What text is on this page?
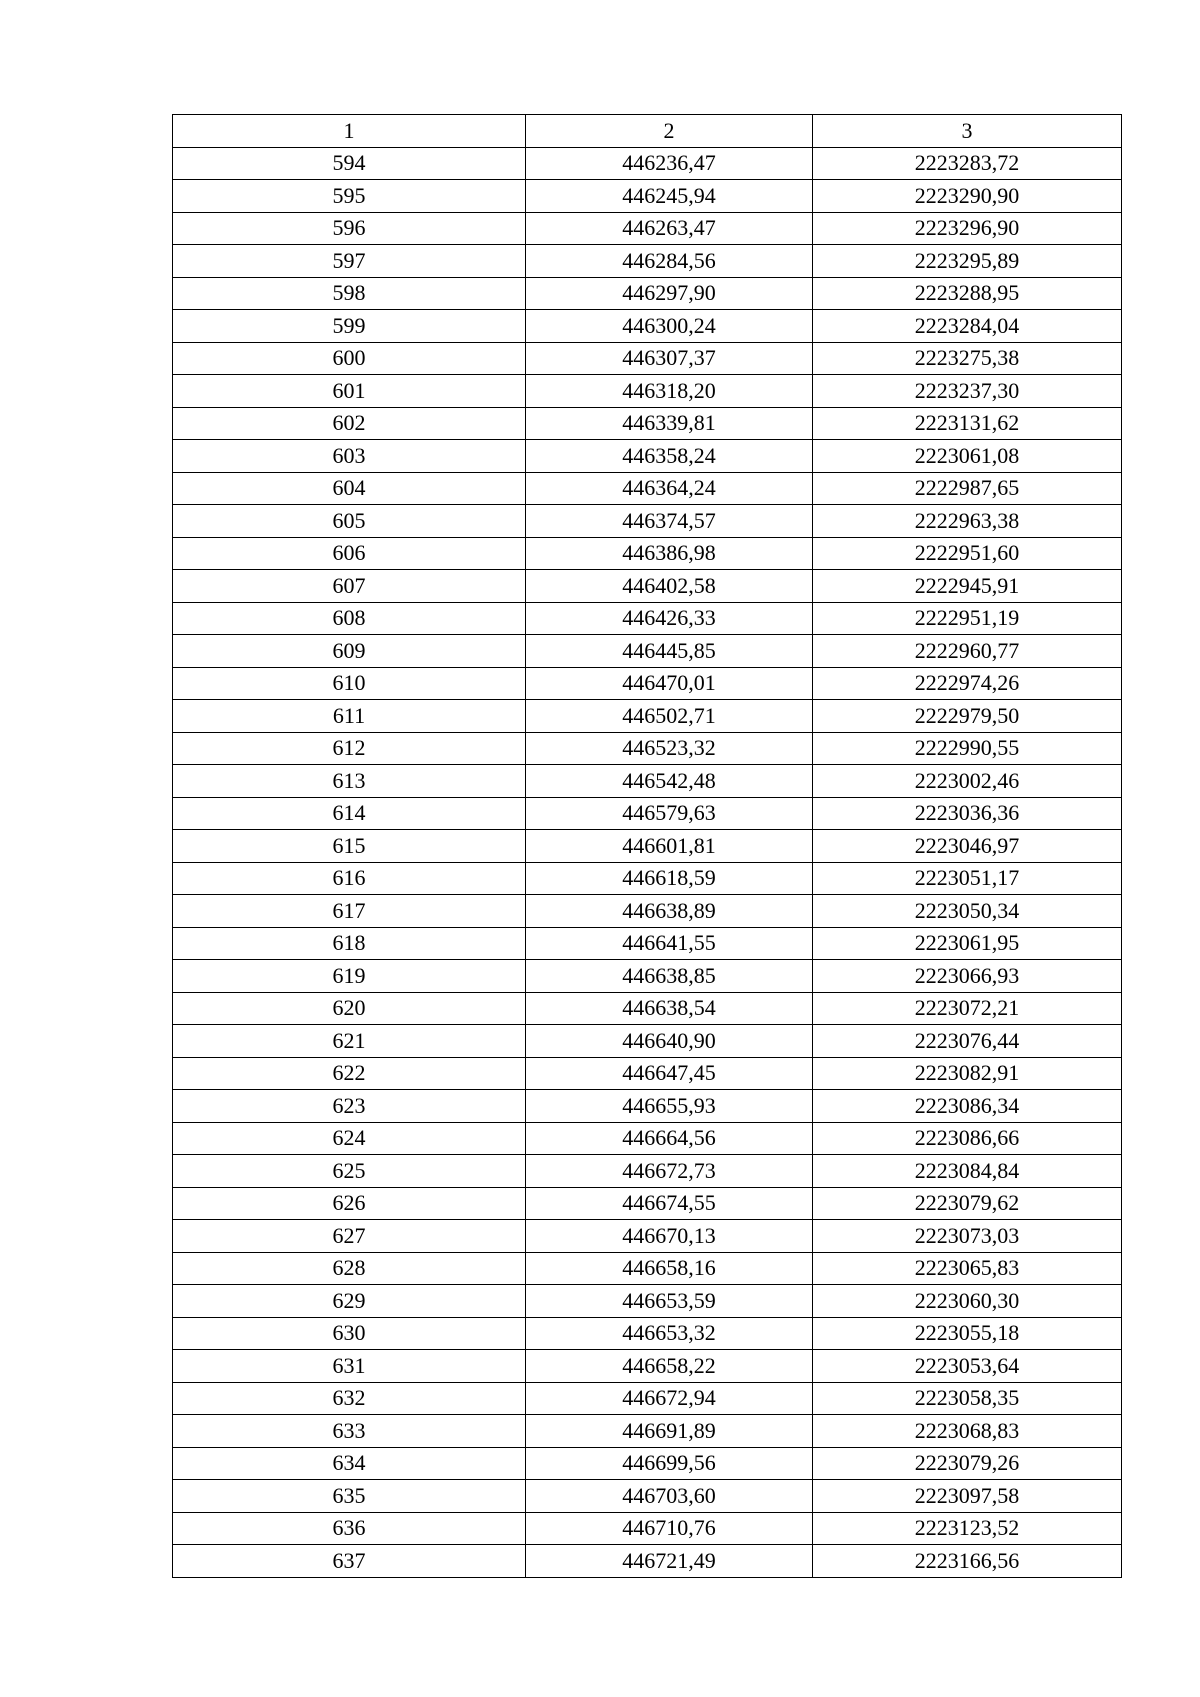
1	2	3
594	446236,47	2223283,72
595	446245,94	2223290,90
596	446263,47	2223296,90
597	446284,56	2223295,89
598	446297,90	2223288,95
599	446300,24	2223284,04
600	446307,37	2223275,38
601	446318,20	2223237,30
602	446339,81	2223131,62
603	446358,24	2223061,08
604	446364,24	2222987,65
605	446374,57	2222963,38
606	446386,98	2222951,60
607	446402,58	2222945,91
608	446426,33	2222951,19
609	446445,85	2222960,77
610	446470,01	2222974,26
611	446502,71	2222979,50
612	446523,32	2222990,55
613	446542,48	2223002,46
614	446579,63	2223036,36
615	446601,81	2223046,97
616	446618,59	2223051,17
617	446638,89	2223050,34
618	446641,55	2223061,95
619	446638,85	2223066,93
620	446638,54	2223072,21
621	446640,90	2223076,44
622	446647,45	2223082,91
623	446655,93	2223086,34
624	446664,56	2223086,66
625	446672,73	2223084,84
626	446674,55	2223079,62
627	446670,13	2223073,03
628	446658,16	2223065,83
629	446653,59	2223060,30
630	446653,32	2223055,18
631	446658,22	2223053,64
632	446672,94	2223058,35
633	446691,89	2223068,83
634	446699,56	2223079,26
635	446703,60	2223097,58
636	446710,76	2223123,52
637	446721,49	2223166,56
